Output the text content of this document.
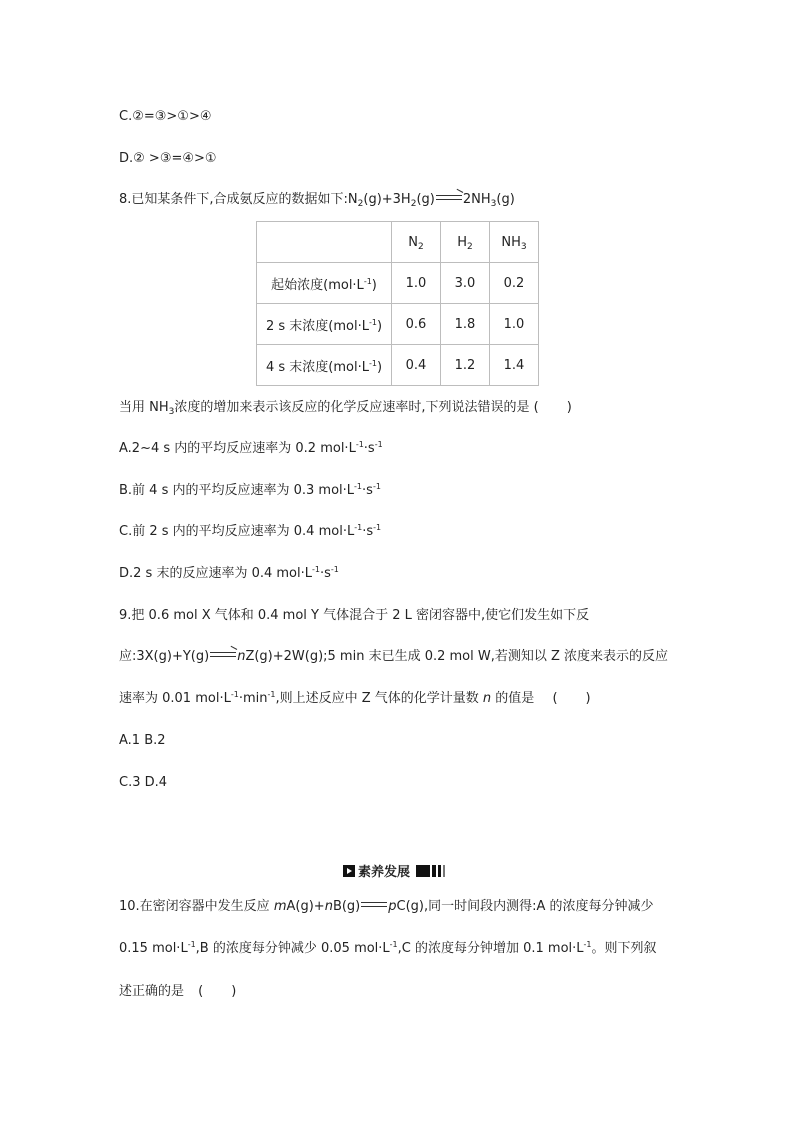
C.②=③>①>④
D.② >③=④>①
8.已知某条件下,合成氨反应的数据如下$:N_2(g)+3H_2(g)\to 2NH_3(g)$
	$N_2$	$H_2$	$NH_3$
起始浓度$(mol\cdot L^{-1})$	1.0	3.0	0.2
2 s 末浓度$(mol\cdot L^{-1})$	0.6	1.8	1.0
4 s 末浓度$(mol\cdot L^{-1})$	0.4	1.2	1.4
当用 $NH_3$浓度的增加来表示该反应的化学反应速率时,下列说法错误的是 ( )
A.2~4 s 内的平均反应速率为 0.2 $mol\cdot L^{-1}\cdot s^{-1}$
B.前 4 s 内的平均反应速率为 0.3 $mol\cdot L^{-1}\cdot s^{-1}$
C.前 2 s 内的平均反应速率为 0.4 $mol\cdot L^{-1}\cdot s^{-1}$
D.2 s 末的反应速率为 0.4 $mol\cdot L^{-1}\cdot s^{-1}$
9.把 0.6 mol X 气体和 0.4 mol Y 气体混合于 2 L 密闭容器中,使它们发生如下反
应:3X(g)+Y(g)→nZ(g)+2W(g);5 min 末已生成 0.2 mol W,若测知以 Z 浓度来表示的反应
速率为 0.01 $mol\cdot L^{-1}\cdot\min^{-1}$,则上述反应中 Z 气体的化学计量数 n 的值是 ( )
A.1 B.2
C.3 D.4
素养发展
10.在密闭容器中发生反应 mA(g)+nB(g) pC(g),同一时间段内测得:A 的浓度每分钟减少
0.15 $mol\cdot L^{-1},B$ 的浓度每分钟减少 0.05 $mol\cdot L^{-1},C$ 的浓度每分钟增加 0.1 $mol\cdot L^{-1}$。则下列叙
述正确的是 ( )
